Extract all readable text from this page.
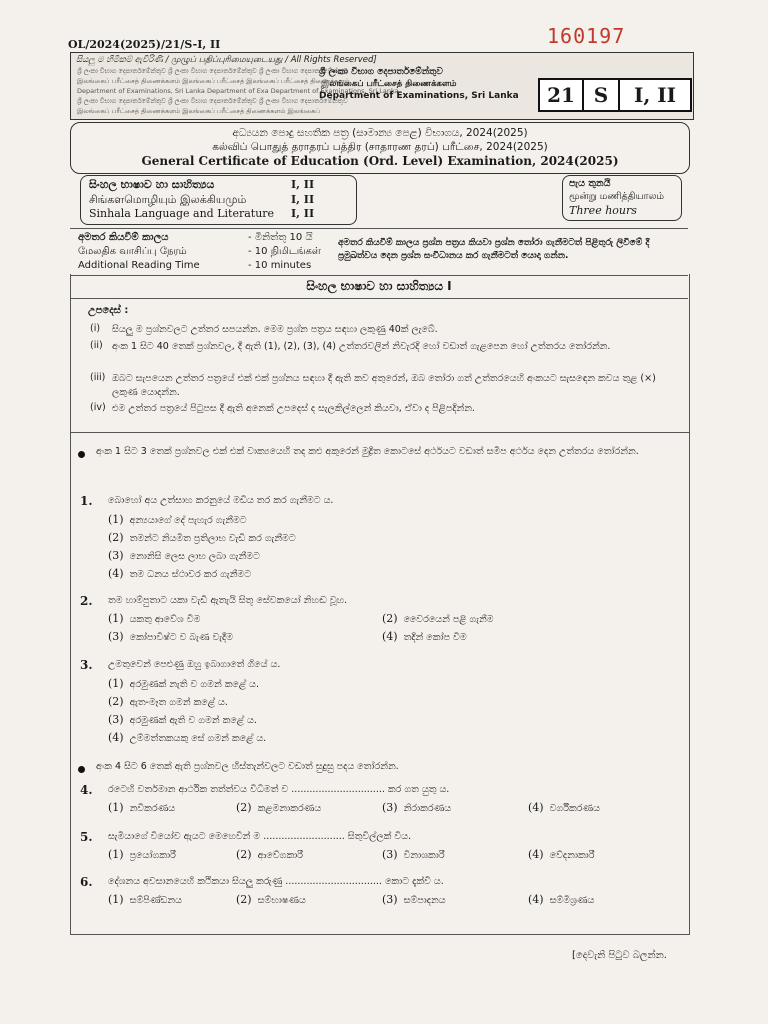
OL/2024(2025)/21/S-I, II	160197
සියලු ම හිමිකම් ඇවිරිණි / முழுப் பதிப்புரிமையுடையது / All Rights Reserved]
ශ්‍රී ලංකා විභාග දෙපාර්තමේන්තුව ශ්‍රී ලංකා විභාග දෙපාර්තමේන්තුව ශ්‍රී ලංකා විභාග දෙපාර්තමේන්තුව
இலங்கைப் பரீட்சைத் திணைக்களம் இலங்கைப் பரீட்சைத் இலங்கைப் பரீட்சைத் திணைக்களம்
Department of Examinations, Sri Lanka Department of Exa Department of Examinations, Sri Lanka
ශ්‍රී ලංකා විභාග දෙපාර්තමේන්තුව ශ්‍රී ලංකා විභාග දෙපාර්තමේන්තුව ශ්‍රී ලංකා විභාග දෙපාර්තමේන්තුව
இலங்கைப் பரீட்சைத் திணைக்களம் இலங்கைப் பரீட்சைத் திணைக்களம் இலங்கைப்
ශ්‍රී ලංකා විභාග දෙපාර්තමේන්තුව
இலங்கைப் பரீட்சைத் திணைக்களம்
Department of Examinations, Sri Lanka	21 S	I, II
අධ්‍යයන පොදු සහතික පත්‍ර (සාමාන්‍ය පෙළ) විභාගය, 2024(2025)
கல்விப் பொதுத் தராதரப் பத்திர (சாதாரண தரப்) பரீட்சை, 2024(2025)
General Certificate of Education (Ord. Level) Examination, 2024(2025)
සිංහල භාෂාව හා සාහිත්‍යය	I, II
சிங்களமொழியும் இலக்கியமும்	I, II
Sinhala Language and Literature I, II
පැය තුනයි
மூன்று மணித்தியாலம்
Three hours
අමතර කියවීම් කාලය	- මිනිත්තු 10 යි
மேலதிக வாசிப்பு நேரம்	- 10 நிமிடங்கள்
Additional Reading Time	- 10 minutes
අමතර කියවීම් කාලය ප්‍රශ්න පත්‍රය කියවා ප්‍රශ්න තෝරා ගැනීමටත් පිළිතුරු ලිවීමේ දී ප්‍රමුඛත්වය දෙන ප්‍රශ්න සංවිධානය කර ගැනීමටත් යොදා ගන්න.
සිංහල භාෂාව හා සාහිත්‍යය I
උපදෙස් :
(i) සියලු ම ප්‍රශ්නවලට උත්තර සපයන්න. මෙම ප්‍රශ්න පත්‍රය සඳහා ලකුණු 40ක් ලැබේ.
(ii) අංක 1 සිට 40 තෙක් ප්‍රශ්නවල, දී ඇති (1), (2), (3), (4) උත්තරවලින් නිවැරදි හෝ වඩාත් ගැළපෙන හෝ උත්තරය තෝරන්න.
(iii) ඔබට සැපයෙන උත්තර පත්‍රයේ එක් එක් ප්‍රශ්නය සඳහා දී ඇති කව අතුරෙන්, ඔබ තෝරා ගත් උත්තරයෙහි අංකයට සැසඳෙන කවය තුළ (×) ලකුණ යොදන්න.
(iv) එම උත්තර පත්‍රයේ පිටුපස දී ඇති අනෙක් උපදෙස් ද සැලකිල්ලෙන් කියවා, ඒවා ද පිළිපදින්න.
අංක 1 සිට 3 තෙක් ප්‍රශ්නවල එක් එක් වාක්‍යයෙහි තද කළු අකුරෙන් මුද්‍රිත කොටසේ අර්ථයට වඩාත් සමීප අර්ථය දෙන උත්තරය තෝරන්න.
1. බොහෝ අය උත්සාහ කරනුයේ මඩිය තර කර ගැනීමට ය.
(1) අන්‍යයාගේ දේ පැහැර ගැනීමට
(2) තමන්ට නියමිත ප්‍රතිලාභ වැඩි කර ගැනීමට
(3) නොනිසි ලෙස ලාභ ලබා ගැනීමට
(4) තම ධනය ස්ථාවර කර ගැනීමට
2. තම හාම්පුතාට යකා වැඩී ඇතැයි සිතූ සේවකයෝ නිහඬ වූහ.
(1) යකතු ආවේශ වීම	(2) වෛරයෙන් පළි ගැනීම
(3) කෝපාවිෂ්ට ව බැණ වැදීම	(4) තදින් කෝප වීම
3. උමතුවෙන් පෙළුණු ඔහු ඉබාගාතේ ගියේ ය.
(1) අරමුණක් නැති ව ගමන් කළේ ය.
(2) ඇත-මෑත ගමන් කළේ ය.
(3) අරමුණක් ඇති ව ගමන් කළේ ය.
(4) උම්මත්තකයකු සේ ගමන් කළේ ය.
අංක 4 සිට 6 තෙක් ඇති ප්‍රශ්නවල හිස්තැන්වලට වඩාත් සුදුසු පදය තෝරන්න.
4. රටෙහි වර්තමාන ආර්ථික තත්ත්වය විධිමත් ව ............................... කර ගත යුතු ය.
(1) නවීකරණය	(2) කළමනාකරණය	(3) නිරාකරණය	(4) වර්ගීකරණය
5. සැමියාගේ වියෝව ඇයට මෙහෙවින් ම ........................... සිතුවිල්ලක් විය.
(1) ප්‍රයෝගකාරී	(2) ආවේගකාරී	(3) විනාශකාරී	(4) වේදනාකාරී
6. දේශනය අවසානයෙහි කථිකයා සියලු කරුණු ................................ කොට දැක්වී ය.
(1) සම්පිණ්ඩනය	(2) සම්භාෂණය	(3) සම්පාදනය	(4) සම්මිශ්‍රණය
[දෙවැනි පිටුව බලන්න.
